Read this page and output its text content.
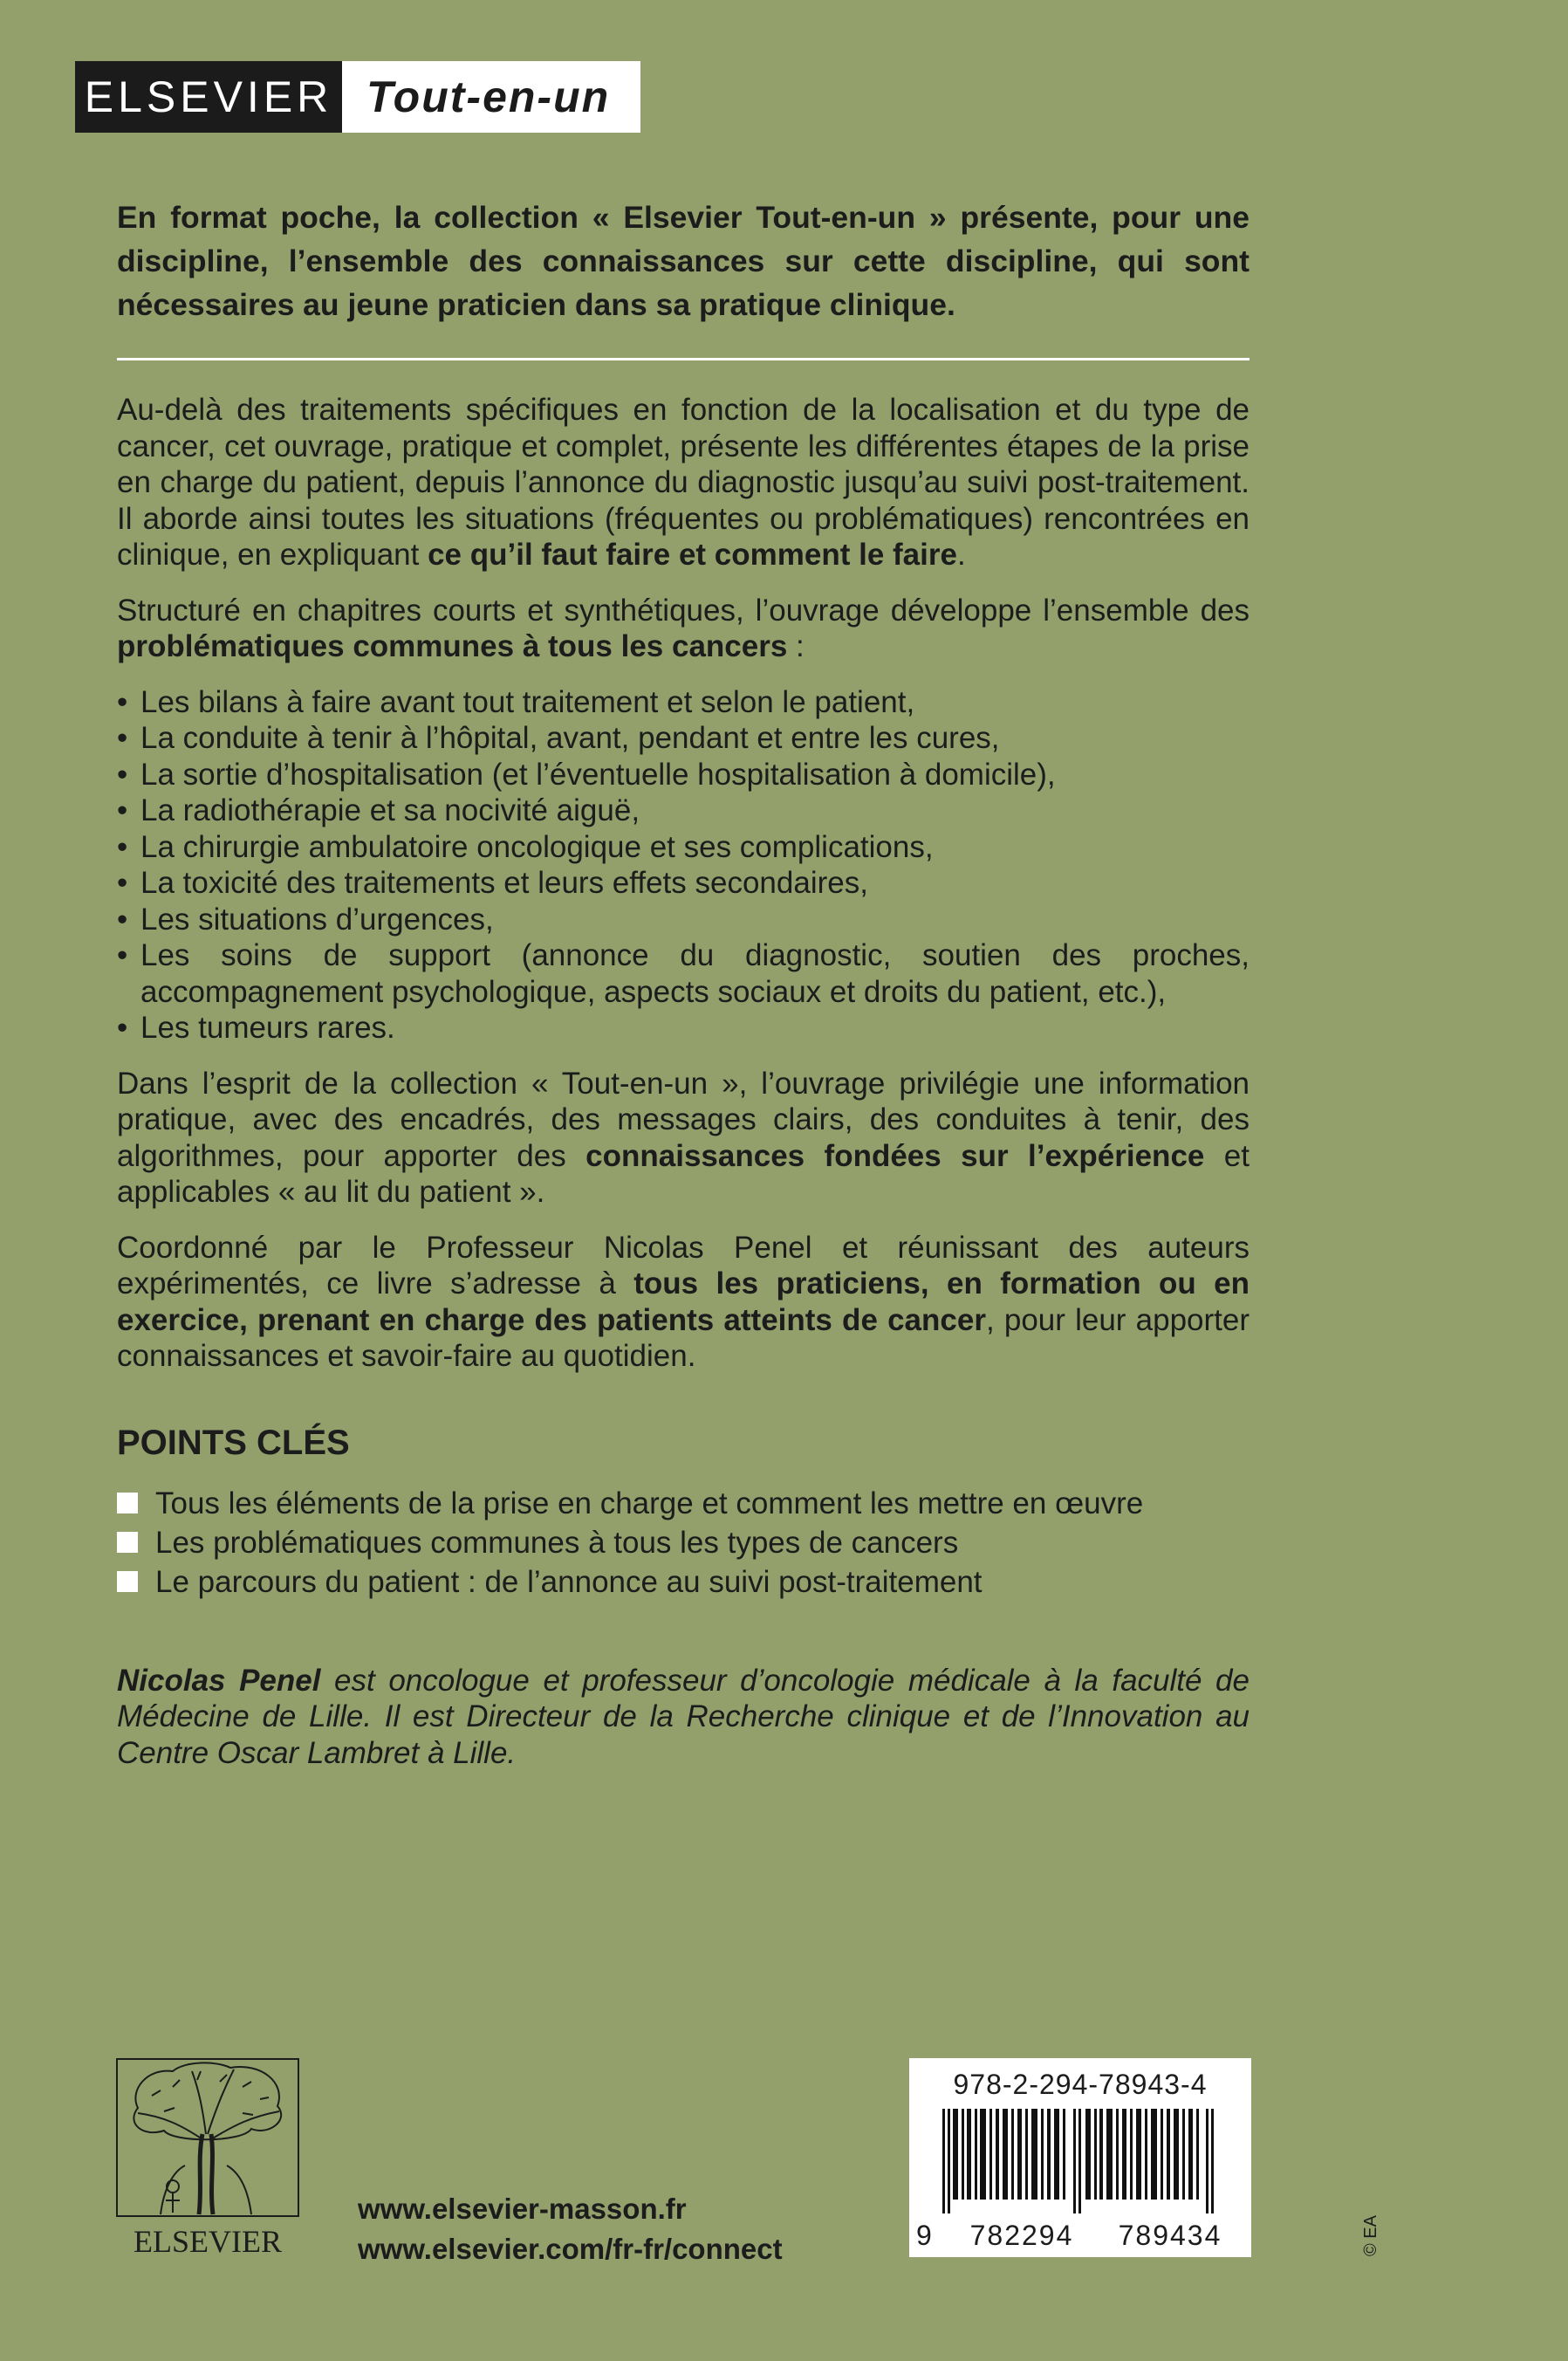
ELSEVIER Tout-en-un

En format poche, la collection « Elsevier Tout-en-un » présente, pour une discipline, l’ensemble des connaissances sur cette discipline, qui sont nécessaires au jeune praticien dans sa pratique clinique.

Au-delà des traitements spécifiques en fonction de la localisation et du type de cancer, cet ouvrage, pratique et complet, présente les différentes étapes de la prise en charge du patient, depuis l’annonce du diagnostic jusqu’au suivi post-traitement. Il aborde ainsi toutes les situations (fréquentes ou problématiques) rencontrées en clinique, en expliquant ce qu’il faut faire et comment le faire.

Structuré en chapitres courts et synthétiques, l’ouvrage développe l’ensemble des problématiques communes à tous les cancers :

• Les bilans à faire avant tout traitement et selon le patient,
• La conduite à tenir à l’hôpital, avant, pendant et entre les cures,
• La sortie d’hospitalisation (et l’éventuelle hospitalisation à domicile),
• La radiothérapie et sa nocivité aiguë,
• La chirurgie ambulatoire oncologique et ses complications,
• La toxicité des traitements et leurs effets secondaires,
• Les situations d’urgences,
• Les soins de support (annonce du diagnostic, soutien des proches, accompagnement psychologique, aspects sociaux et droits du patient, etc.),
• Les tumeurs rares.

Dans l’esprit de la collection « Tout-en-un », l’ouvrage privilégie une information pratique, avec des encadrés, des messages clairs, des conduites à tenir, des algorithmes, pour apporter des connaissances fondées sur l’expérience et applicables « au lit du patient ».

Coordonné par le Professeur Nicolas Penel et réunissant des auteurs expérimentés, ce livre s’adresse à tous les praticiens, en formation ou en exercice, prenant en charge des patients atteints de cancer, pour leur apporter connaissances et savoir-faire au quotidien.

POINTS CLÉS
Tous les éléments de la prise en charge et comment les mettre en œuvre
Les problématiques communes à tous les types de cancers
Le parcours du patient : de l’annonce au suivi post-traitement

Nicolas Penel est oncologue et professeur d’oncologie médicale à la faculté de Médecine de Lille. Il est Directeur de la Recherche clinique et de l’Innovation au Centre Oscar Lambret à Lille.

ELSEVIER
www.elsevier-masson.fr
www.elsevier.com/fr-fr/connect
978-2-294-78943-4
9	782294	789434	© EA
